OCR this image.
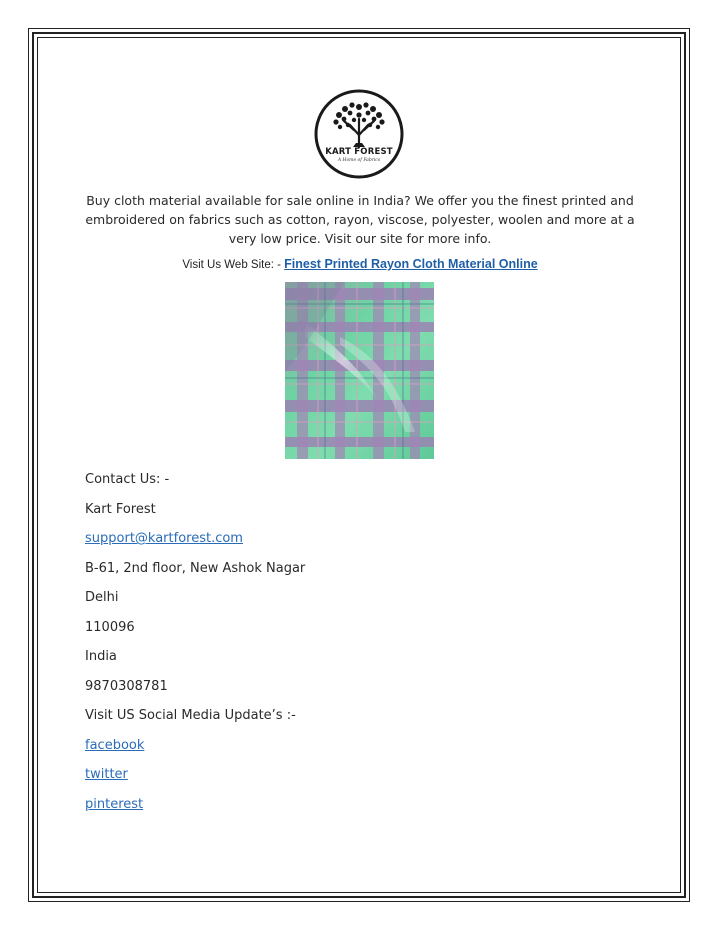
KART FOREST
A Home of Fabrics
Buy cloth material available for sale online in India? We offer you the finest printed and embroidered on fabrics such as cotton, rayon, viscose, polyester, woolen and more at a very low price. Visit our site for more info.
Visit Us Web Site: - Finest Printed Rayon Cloth Material Online
Contact Us: -
Kart Forest
support@kartforest.com
B-61, 2nd floor, New Ashok Nagar
Delhi
110096
India
9870308781
Visit US Social Media Update’s :-
facebook
twitter
pinterest
